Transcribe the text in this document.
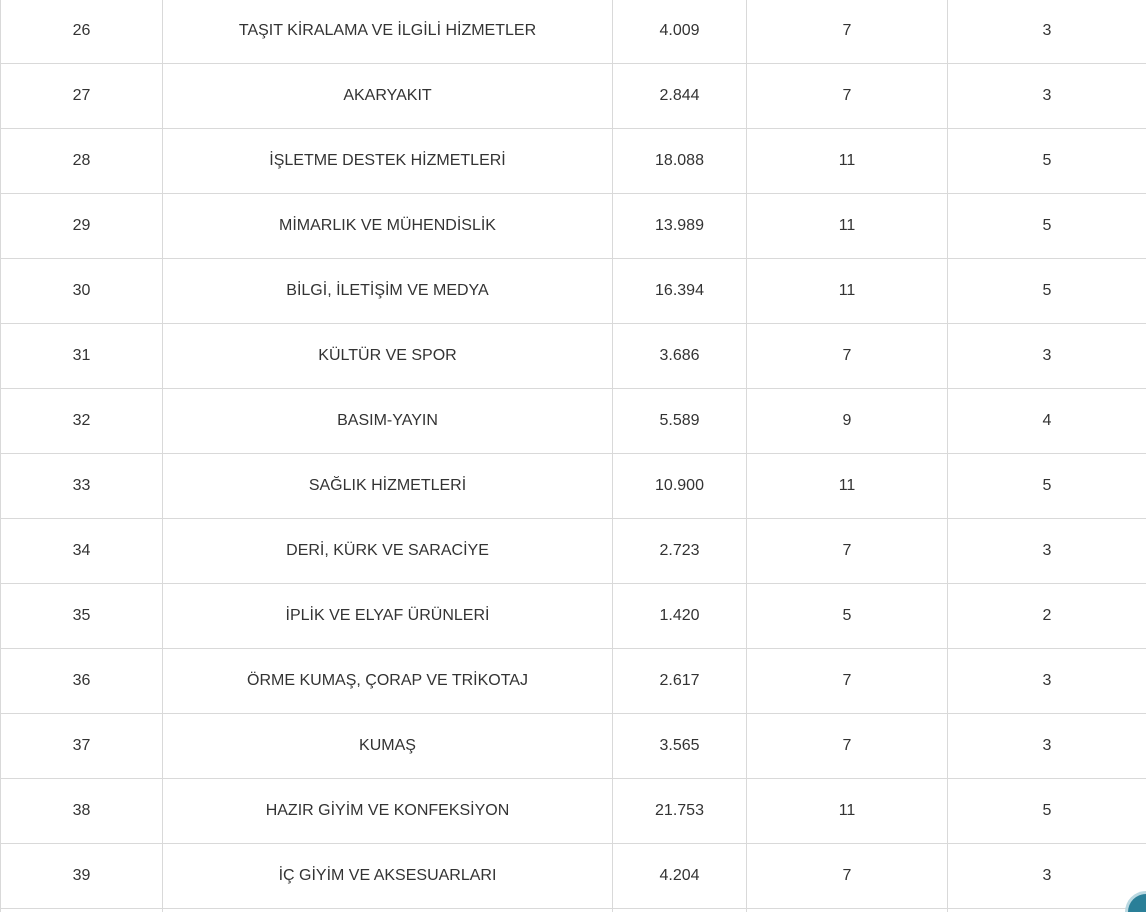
26	TAŞIT KİRALAMA VE İLGİLİ HİZMETLER	4.009	7	3
27	AKARYAKIT	2.844	7	3
28	İŞLETME DESTEK HİZMETLERİ	18.088	11	5
29	MİMARLIK VE MÜHENDİSLİK	13.989	11	5
30	BİLGİ, İLETİŞİM VE MEDYA	16.394	11	5
31	KÜLTÜR VE SPOR	3.686	7	3
32	BASIM-YAYIN	5.589	9	4
33	SAĞLIK HİZMETLERİ	10.900	11	5
34	DERİ, KÜRK VE SARACİYE	2.723	7	3
35	İPLİK VE ELYAF ÜRÜNLERİ	1.420	5	2
36	ÖRME KUMAŞ, ÇORAP VE TRİKOTAJ	2.617	7	3
37	KUMAŞ	3.565	7	3
38	HAZIR GİYİM VE KONFEKSİYON	21.753	11	5
39	İÇ GİYİM VE AKSESUARLARI	4.204	7	3
